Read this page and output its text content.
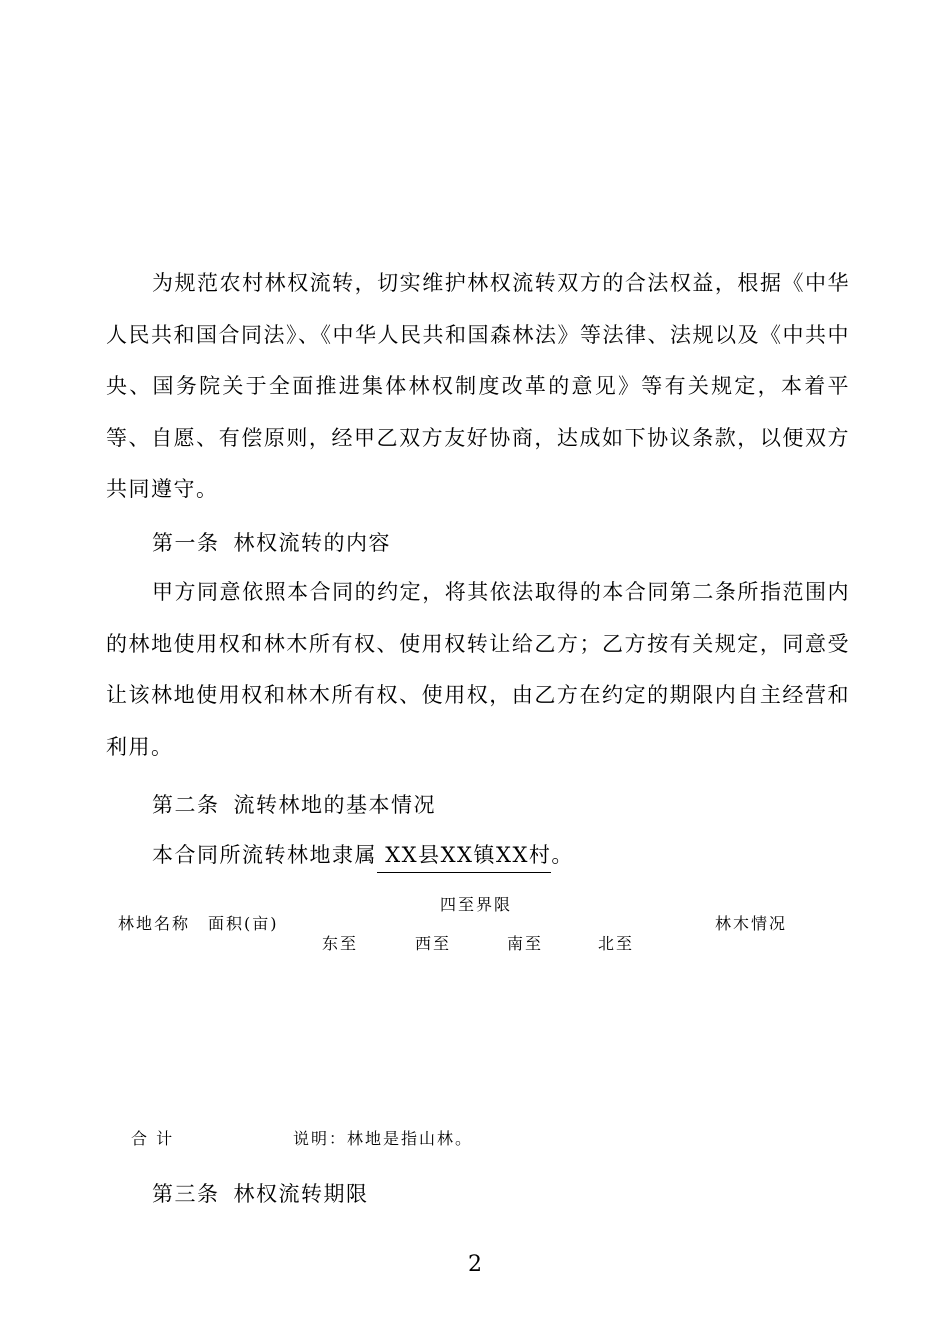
为规范农村林权流转，切实维护林权流转双方的合法权益，根据《中华人民共和国合同法》、《中华人民共和国森林法》等法律、法规以及《中共中央、国务院关于全面推进集体林权制度改革的意见》等有关规定，本着平等、自愿、有偿原则，经甲乙双方友好协商，达成如下协议条款，以便双方共同遵守。

第一条 林权流转的内容

甲方同意依照本合同的约定，将其依法取得的本合同第二条所指范围内的林地使用权和林木所有权、使用权转让给乙方；乙方按有关规定，同意受让该林地使用权和林木所有权、使用权，由乙方在约定的期限内自主经营和利用。

第二条 流转林地的基本情况
本合同所流转林地隶属 XX县XX镇XX村。
四至界限
林地名称 面积(亩)	林木情况
东至	西至	南至	北至
合 计	说明：林地是指山林。
第三条 林权流转期限
2
